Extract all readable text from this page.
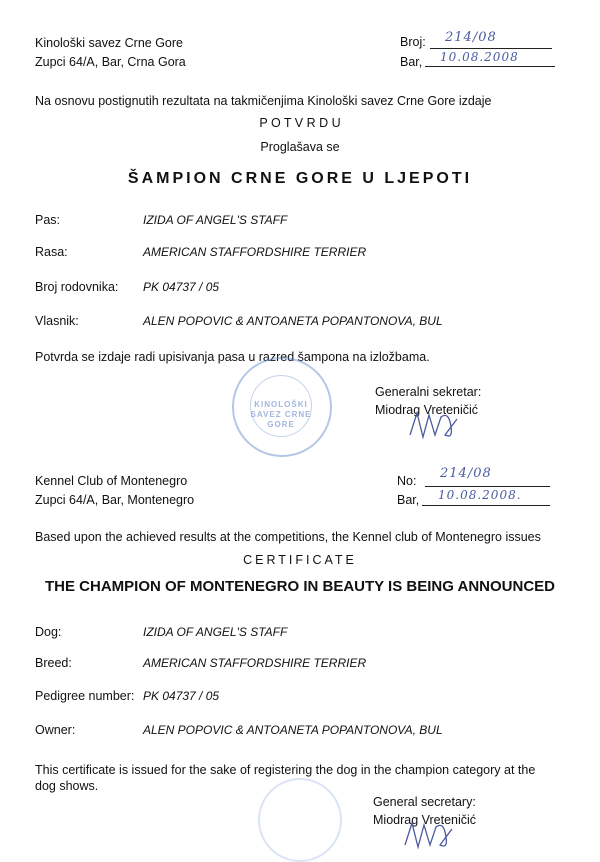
Kinološki savez Crne Gore
Zupci 64/A, Bar, Crna Gora
Broj: 214/08
Bar, 10.08.2008
Na osnovu postignutih rezultata na takmičenjima Kinološki savez Crne Gore izdaje
P O T V R D U
Proglašava se
ŠAMPION CRNE GORE U LJEPOTI
Pas:	IZIDA OF ANGEL'S STAFF
Rasa:	AMERICAN STAFFORDSHIRE TERRIER
Broj rodovnika: PK 04737 / 05
Vlasnik:	ALEN POPOVIC & ANTOANETA POPANTONOVA, BUL
Potvrda se izdaje radi upisivanja pasa u razred šampona na izložbama.
KINOLOŠKI SAVEZ CRNE GORE
Generalni sekretar:
Miodrag Vreteničić
Kennel Club of Montenegro
Zupci 64/A, Bar, Montenegro
No: 214/08
Bar, 10.08.2008.
Based upon the achieved results at the competitions, the Kennel club of Montenegro issues
CERTIFICATE
THE CHAMPION OF MONTENEGRO IN BEAUTY IS BEING ANNOUNCED
Dog:	IZIDA OF ANGEL'S STAFF
Breed:	AMERICAN STAFFORDSHIRE TERRIER
Pedigree number: PK 04737 / 05
Owner:	ALEN POPOVIC & ANTOANETA POPANTONOVA, BUL
This certificate is issued for the sake of registering the dog in the champion category at the
dog shows.
General secretary:
Miodrag Vreteničić
